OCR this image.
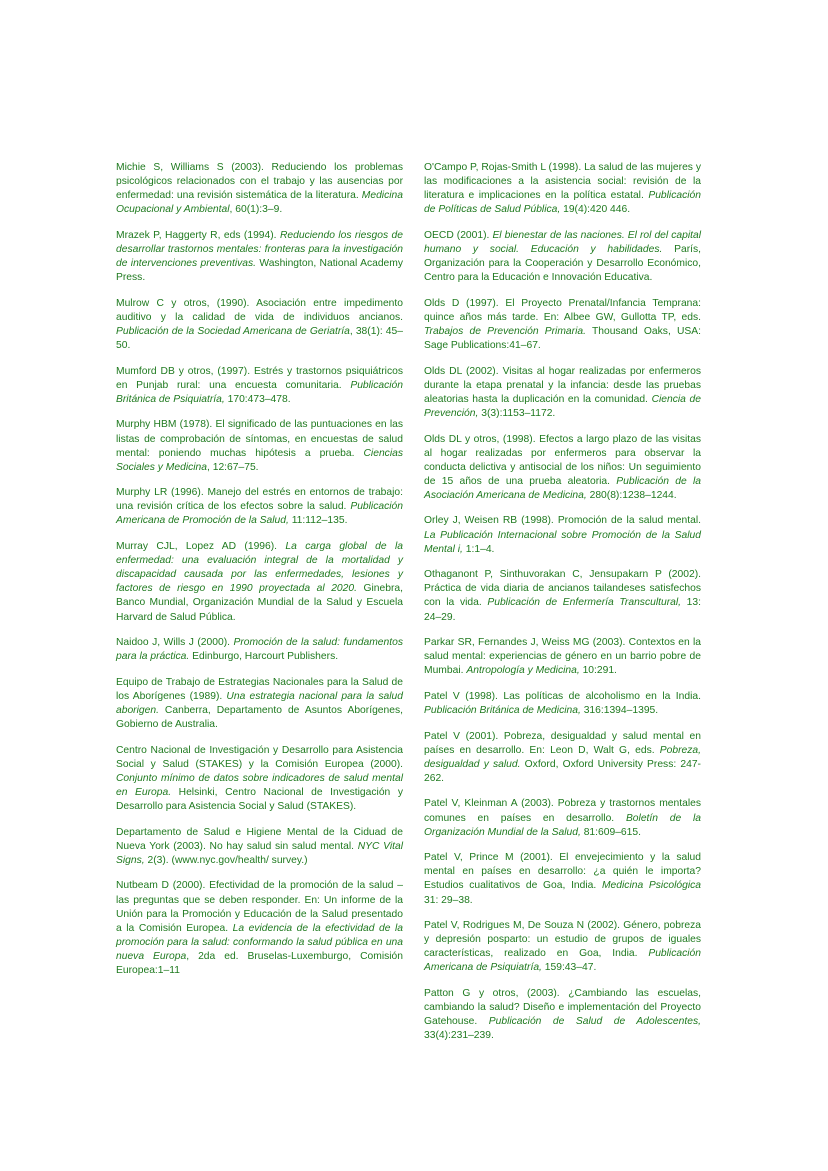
Michie S, Williams S (2003). Reduciendo los problemas psicológicos relacionados con el trabajo y las ausencias por enfermedad: una revisión sistemática de la literatura. Medicina Ocupacional y Ambiental, 60(1):3–9.

Mrazek P, Haggerty R, eds (1994). Reduciendo los riesgos de desarrollar trastornos mentales: fronteras para la investigación de intervenciones preventivas. Washington, National Academy Press.

Mulrow C y otros, (1990). Asociación entre impedimento auditivo y la calidad de vida de individuos ancianos. Publicación de la Sociedad Americana de Geriatría, 38(1): 45–50.

Mumford DB y otros, (1997). Estrés y trastornos psiquiátricos en Punjab rural: una encuesta comunitaria. Publicación Británica de Psiquiatría, 170:473–478.

Murphy HBM (1978). El significado de las puntuaciones en las listas de comprobación de síntomas, en encuestas de salud mental: poniendo muchas hipótesis a prueba. Ciencias Sociales y Medicina, 12:67–75.

Murphy LR (1996). Manejo del estrés en entornos de trabajo: una revisión crítica de los efectos sobre la salud. Publicación Americana de Promoción de la Salud, 11:112–135.

Murray CJL, Lopez AD (1996). La carga global de la enfermedad: una evaluación integral de la mortalidad y discapacidad causada por las enfermedades, lesiones y factores de riesgo en 1990 proyectada al 2020. Ginebra, Banco Mundial, Organización Mundial de la Salud y Escuela Harvard de Salud Pública.

Naidoo J, Wills J (2000). Promoción de la salud: fundamentos para la práctica. Edinburgo, Harcourt Publishers.

Equipo de Trabajo de Estrategias Nacionales para la Salud de los Aborígenes (1989). Una estrategia nacional para la salud aborigen. Canberra, Departamento de Asuntos Aborígenes, Gobierno de Australia.

Centro Nacional de Investigación y Desarrollo para Asistencia Social y Salud (STAKES) y la Comisión Europea (2000). Conjunto mínimo de datos sobre indicadores de salud mental en Europa. Helsinki, Centro Nacional de Investigación y Desarrollo para Asistencia Social y Salud (STAKES).

Departamento de Salud e Higiene Mental de la Ciduad de Nueva York (2003). No hay salud sin salud mental. NYC Vital Signs, 2(3). (www.nyc.gov/health/ survey.)

Nutbeam D (2000). Efectividad de la promoción de la salud – las preguntas que se deben responder. En: Un informe de la Unión para la Promoción y Educación de la Salud presentado a la Comisión Europea. La evidencia de la efectividad de la promoción para la salud: conformando la salud pública en una nueva Europa, 2da ed. Bruselas-Luxemburgo, Comisión Europea:1–11

O'Campo P, Rojas-Smith L (1998). La salud de las mujeres y las modificaciones a la asistencia social: revisión de la literatura e implicaciones en la política estatal. Publicación de Políticas de Salud Pública, 19(4):420 446.

OECD (2001). El bienestar de las naciones. El rol del capital humano y social. Educación y habilidades. París, Organización para la Cooperación y Desarrollo Económico, Centro para la Educación e Innovación Educativa.

Olds D (1997). El Proyecto Prenatal/Infancia Temprana: quince años más tarde. En: Albee GW, Gullotta TP, eds. Trabajos de Prevención Primaria. Thousand Oaks, USA: Sage Publications:41–67.

Olds DL (2002). Visitas al hogar realizadas por enfermeros durante la etapa prenatal y la infancia: desde las pruebas aleatorias hasta la duplicación en la comunidad. Ciencia de Prevención, 3(3):1153–1172.

Olds DL y otros, (1998). Efectos a largo plazo de las visitas al hogar realizadas por enfermeros para observar la conducta delictiva y antisocial de los niños: Un seguimiento de 15 años de una prueba aleatoria. Publicación de la Asociación Americana de Medicina, 280(8):1238–1244.

Orley J, Weisen RB (1998). Promoción de la salud mental. La Publicación Internacional sobre Promoción de la Salud Mental i, 1:1–4.

Othaganont P, Sinthuvorakan C, Jensupakarn P (2002). Práctica de vida diaria de ancianos tailandeses satisfechos con la vida. Publicación de Enfermería Transcultural, 13: 24–29.

Parkar SR, Fernandes J, Weiss MG (2003). Contextos en la salud mental: experiencias de género en un barrio pobre de Mumbai. Antropología y Medicina, 10:291.

Patel V (1998). Las políticas de alcoholismo en la India. Publicación Británica de Medicina, 316:1394–1395.

Patel V (2001). Pobreza, desigualdad y salud mental en países en desarrollo. En: Leon D, Walt G, eds. Pobreza, desigualdad y salud. Oxford, Oxford University Press: 247-262.

Patel V, Kleinman A (2003). Pobreza y trastornos mentales comunes en países en desarrollo. Boletín de la Organización Mundial de la Salud, 81:609–615.

Patel V, Prince M (2001). El envejecimiento y la salud mental en países en desarrollo: ¿a quién le importa? Estudios cualitativos de Goa, India. Medicina Psicológica 31: 29–38.

Patel V, Rodrigues M, De Souza N (2002). Género, pobreza y depresión posparto: un estudio de grupos de iguales características, realizado en Goa, India. Publicación Americana de Psiquiatría, 159:43–47.

Patton G y otros, (2003). ¿Cambiando las escuelas, cambiando la salud? Diseño e implementación del Proyecto Gatehouse. Publicación de Salud de Adolescentes, 33(4):231–239.
